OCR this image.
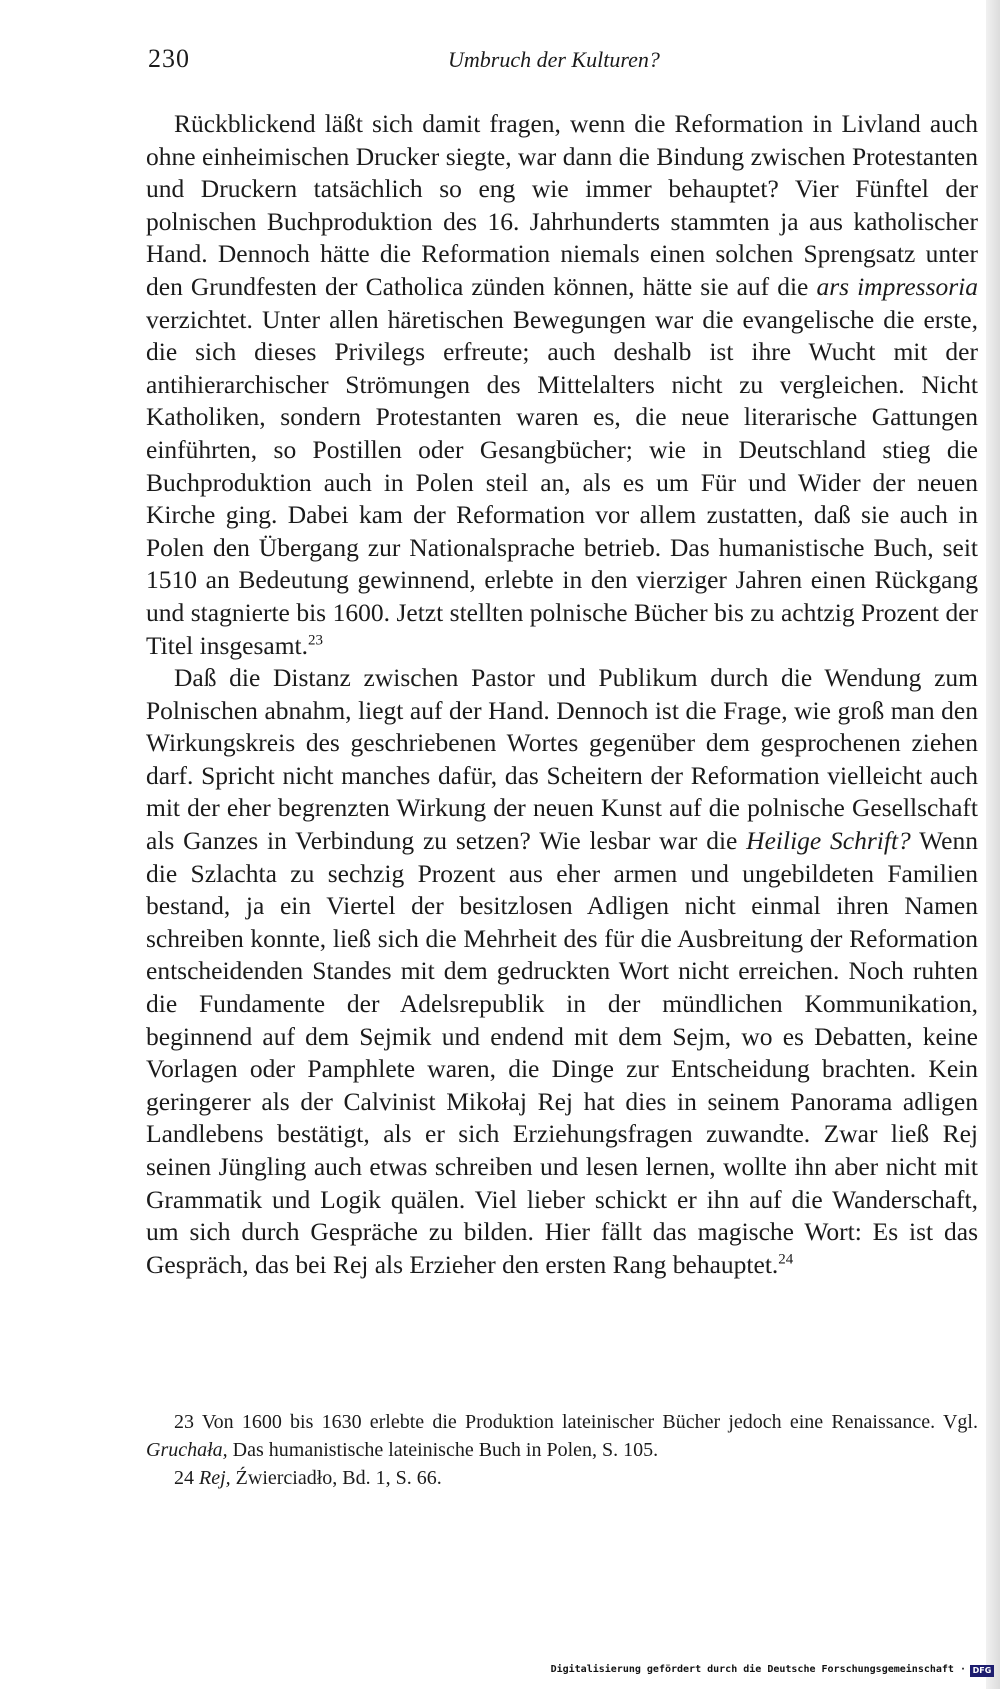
230	Umbruch der Kulturen?

Rückblickend läßt sich damit fragen, wenn die Reformation in Livland auch ohne einheimischen Drucker siegte, war dann die Bindung zwischen Protestanten und Druckern tatsächlich so eng wie immer behauptet? Vier Fünftel der polnischen Buchproduktion des 16. Jahrhunderts stammten ja aus katholischer Hand. Dennoch hätte die Reformation niemals einen solchen Sprengsatz unter den Grundfesten der Catholica zünden können, hätte sie auf die ars impressoria verzichtet. Unter allen häretischen Bewegungen war die evangelische die erste, die sich dieses Privilegs erfreute; auch deshalb ist ihre Wucht mit der antihierarchischer Strömungen des Mittelalters nicht zu vergleichen. Nicht Katholiken, sondern Protestanten waren es, die neue literarische Gattungen einführten, so Postillen oder Gesangbücher; wie in Deutschland stieg die Buchproduktion auch in Polen steil an, als es um Für und Wider der neuen Kirche ging. Dabei kam der Reformation vor allem zustatten, daß sie auch in Polen den Übergang zur Nationalsprache betrieb. Das humanistische Buch, seit 1510 an Bedeutung gewinnend, erlebte in den vierziger Jahren einen Rückgang und stagnierte bis 1600. Jetzt stellten polnische Bücher bis zu achtzig Prozent der Titel insgesamt.$^{23}$

Daß die Distanz zwischen Pastor und Publikum durch die Wendung zum Polnischen abnahm, liegt auf der Hand. Dennoch ist die Frage, wie groß man den Wirkungskreis des geschriebenen Wortes gegenüber dem gesprochenen ziehen darf. Spricht nicht manches dafür, das Scheitern der Reformation vielleicht auch mit der eher begrenzten Wirkung der neuen Kunst auf die polnische Gesellschaft als Ganzes in Verbindung zu setzen? Wie lesbar war die Heilige Schrift? Wenn die Szlachta zu sechzig Prozent aus eher armen und ungebildeten Familien bestand, ja ein Viertel der besitzlosen Adligen nicht einmal ihren Namen schreiben konnte, ließ sich die Mehrheit des für die Ausbreitung der Reformation entscheidenden Standes mit dem gedruckten Wort nicht erreichen. Noch ruhten die Fundamente der Adelsrepublik in der mündlichen Kommunikation, beginnend auf dem Sejmik und endend mit dem Sejm, wo es Debatten, keine Vorlagen oder Pamphlete waren, die Dinge zur Entscheidung brachten. Kein geringerer als der Calvinist Mikołaj Rej hat dies in seinem Panorama adligen Landlebens bestätigt, als er sich Erziehungsfragen zuwandte. Zwar ließ Rej seinen Jüngling auch etwas schreiben und lesen lernen, wollte ihn aber nicht mit Grammatik und Logik quälen. Viel lieber schickt er ihn auf die Wanderschaft, um sich durch Gespräche zu bilden. Hier fällt das magische Wort: Es ist das Gespräch, das bei Rej als Erzieher den ersten Rang behauptet.$^{24}$

23 Von 1600 bis 1630 erlebte die Produktion lateinischer Bücher jedoch eine Renaissance. Vgl. Gruchała, Das humanistische lateinische Buch in Polen, S. 105.

24 Rej, Źwierciadło, Bd. 1, S. 66.

Digitalisierung gefördert durch die Deutsche Forschungsgemeinschaft · DFG
